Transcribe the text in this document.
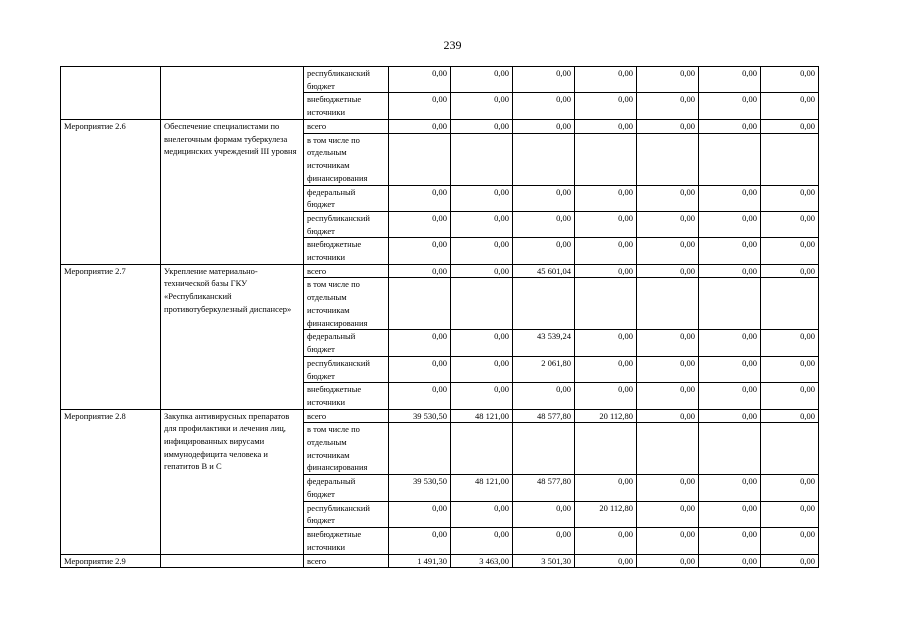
239
		республиканский бюджет	0,00	0,00	0,00	0,00	0,00	0,00	0,00
		внебюджетные источники	0,00	0,00	0,00	0,00	0,00	0,00	0,00
Мероприятие 2.6	Обеспечение специалистами по внелегочным формам туберкулеза медицинских учреждений III уровня	всего	0,00	0,00	0,00	0,00	0,00	0,00	0,00
		в том числе по отдельным источникам финансирования							
		федеральный бюджет	0,00	0,00	0,00	0,00	0,00	0,00	0,00
		республиканский бюджет	0,00	0,00	0,00	0,00	0,00	0,00	0,00
		внебюджетные источники	0,00	0,00	0,00	0,00	0,00	0,00	0,00
Мероприятие 2.7	Укрепление материально-технической базы ГКУ «Республиканский противотуберкулезный диспансер»	всего	0,00	0,00	45 601,04	0,00	0,00	0,00	0,00
		в том числе по отдельным источникам финансирования							
		федеральный бюджет	0,00	0,00	43 539,24	0,00	0,00	0,00	0,00
		республиканский бюджет	0,00	0,00	2 061,80	0,00	0,00	0,00	0,00
		внебюджетные источники	0,00	0,00	0,00	0,00	0,00	0,00	0,00
Мероприятие 2.8	Закупка антивирусных препаратов для профилактики и лечения лиц, инфицированных вирусами иммунодефицита человека и гепатитов В и С	всего	39 530,50	48 121,00	48 577,80	20 112,80	0,00	0,00	0,00
		в том числе по отдельным источникам финансирования							
		федеральный бюджет	39 530,50	48 121,00	48 577,80	0,00	0,00	0,00	0,00
		республиканский бюджет	0,00	0,00	0,00	20 112,80	0,00	0,00	0,00
		внебюджетные источники	0,00	0,00	0,00	0,00	0,00	0,00	0,00
Мероприятие 2.9		всего	1 491,30	3 463,00	3 501,30	0,00	0,00	0,00	0,00
